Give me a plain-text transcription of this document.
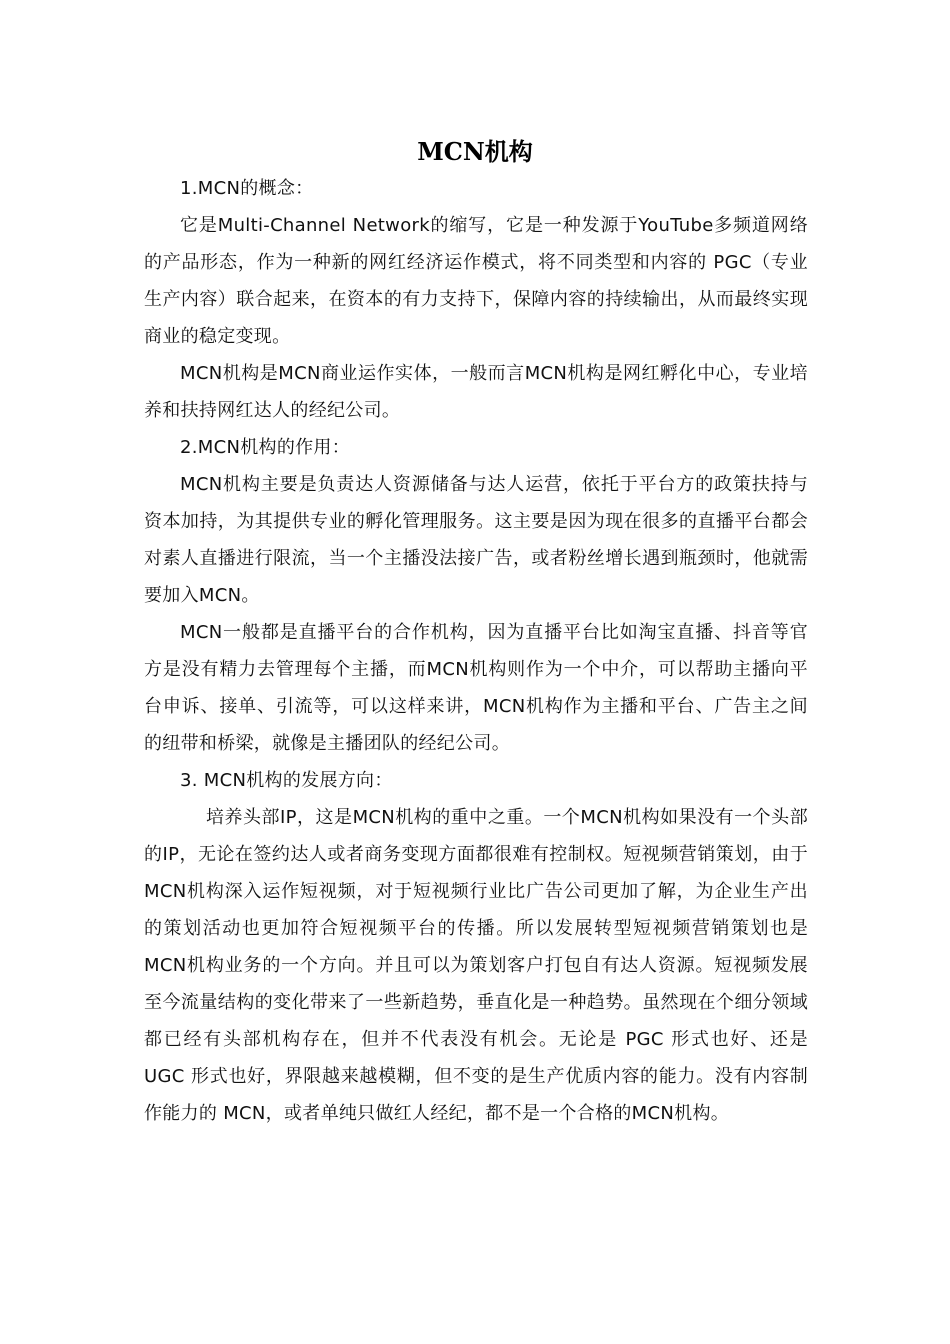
MCN机构

1.MCN的概念：

它是Multi-Channel Network的缩写，它是一种发源于YouTube多频道网络的产品形态，作为一种新的网红经济运作模式，将不同类型和内容的 PGC（专业生产内容）联合起来，在资本的有力支持下，保障内容的持续输出，从而最终实现商业的稳定变现。

MCN机构是MCN商业运作实体，一般而言MCN机构是网红孵化中心，专业培养和扶持网红达人的经纪公司。

2.MCN机构的作用：

MCN机构主要是负责达人资源储备与达人运营，依托于平台方的政策扶持与资本加持，为其提供专业的孵化管理服务。这主要是因为现在很多的直播平台都会对素人直播进行限流，当一个主播没法接广告，或者粉丝增长遇到瓶颈时，他就需要加入MCN。

MCN一般都是直播平台的合作机构，因为直播平台比如淘宝直播、抖音等官方是没有精力去管理每个主播，而MCN机构则作为一个中介，可以帮助主播向平台申诉、接单、引流等，可以这样来讲，MCN机构作为主播和平台、广告主之间的纽带和桥梁，就像是主播团队的经纪公司。

3. MCN机构的发展方向：

培养头部IP，这是MCN机构的重中之重。一个MCN机构如果没有一个头部的IP，无论在签约达人或者商务变现方面都很难有控制权。短视频营销策划，由于MCN机构深入运作短视频，对于短视频行业比广告公司更加了解，为企业生产出的策划活动也更加符合短视频平台的传播。所以发展转型短视频营销策划也是MCN机构业务的一个方向。并且可以为策划客户打包自有达人资源。短视频发展至今流量结构的变化带来了一些新趋势，垂直化是一种趋势。虽然现在个细分领域都已经有头部机构存在，但并不代表没有机会。无论是 PGC 形式也好、还是 UGC 形式也好，界限越来越模糊，但不变的是生产优质内容的能力。没有内容制作能力的 MCN，或者单纯只做红人经纪，都不是一个合格的MCN机构。
